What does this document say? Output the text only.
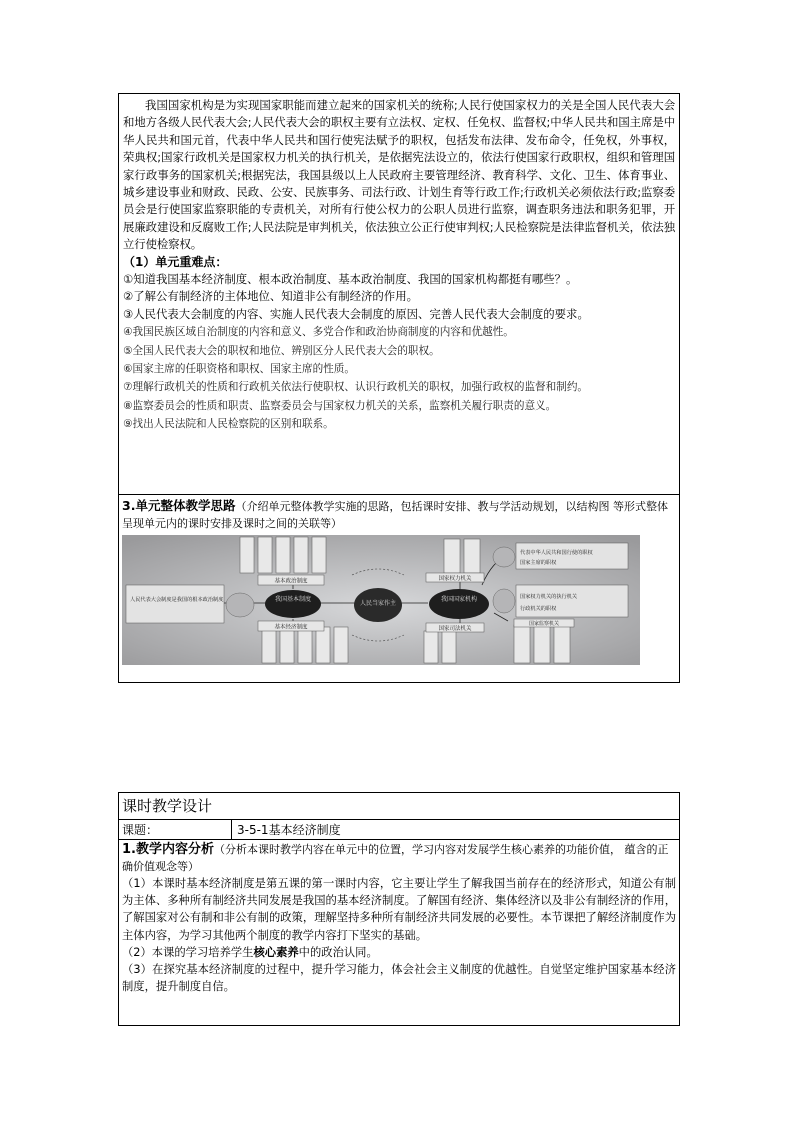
我国国家机构是为实现国家职能而建立起来的国家机关的统称;人民行使国家权力的关是全国人民代表大会和地方各级人民代表大会;人民代表大会的职权主要有立法权、定权、任免权、监督权;中华人民共和国主席是中华人民共和国元首，代表中华人民共和国行使宪法赋予的职权，包括发布法律、发布命令，任免权，外事权，荣典权;国家行政机关是国家权力机关的执行机关，是依据宪法设立的，依法行使国家行政职权，组织和管理国家行政事务的国家机关;根据宪法，我国县级以上人民政府主要管理经济、教育科学、文化、卫生、体育事业、城乡建设事业和财政、民政、公安、民族事务、司法行政、计划生育等行政工作;行政机关必须依法行政;监察委员会是行使国家监察职能的专责机关，对所有行使公权力的公职人员进行监察，调查职务违法和职务犯罪，开展廉政建设和反腐败工作;人民法院是审判机关，依法独立公正行使审判权;人民检察院是法律监督机关，依法独立行使检察权。

（1）单元重难点：

①知道我国基本经济制度、根本政治制度、基本政治制度、我国的国家机构都挺有哪些？。

②了解公有制经济的主体地位、知道非公有制经济的作用。

③人民代表大会制度的内容、实施人民代表大会制度的原因、完善人民代表大会制度的要求。

④我国民族区域自治制度的内容和意义、多党合作和政治协商制度的内容和优越性。

⑤全国人民代表大会的职权和地位、辨别区分人民代表大会的职权。

⑥国家主席的任职资格和职权、国家主席的性质。

⑦理解行政机关的性质和行政机关依法行使职权、认识行政机关的职权，加强行政权的监督和制约。

⑧监察委员会的性质和职责、监察委员会与国家权力机关的关系，监察机关履行职责的意义。

⑨找出人民法院和人民检察院的区别和联系。

3.单元整体教学思路（介绍单元整体教学实施的思路，包括课时安排、教与学活动规划，以结构图 等形式整体呈现单元内的课时安排及课时之间的关联等）

我国基本制度
人民当家作主
我国国家机构
基本政治制度
基本经济制度
国家权力机关
国家司法机关
人民代表大会制度是我国的根本政治制度
代表中华人民共和国行使的职权
国家主席的职权
国家权力机关的执行机关
行政机关的职权
国家监察机关
课时教学设计
课题：	3-5-1基本经济制度

1.教学内容分析（分析本课时教学内容在单元中的位置，学习内容对发展学生核心素养的功能价值， 蕴含的正确价值观念等）

（1）本课时基本经济制度是第五课的第一课时内容，它主要让学生了解我国当前存在的经济形式，知道公有制为主体、多种所有制经济共同发展是我国的基本经济制度。了解国有经济、集体经济以及非公有制经济的作用，了解国家对公有制和非公有制的政策，理解坚持多种所有制经济共同发展的必要性。本节课把了解经济制度作为主体内容，为学习其他两个制度的教学内容打下坚实的基础。

（2）本课的学习培养学生核心素养中的政治认同。

（3）在探究基本经济制度的过程中，提升学习能力，体会社会主义制度的优越性。自觉坚定维护国家基本经济制度，提升制度自信。
